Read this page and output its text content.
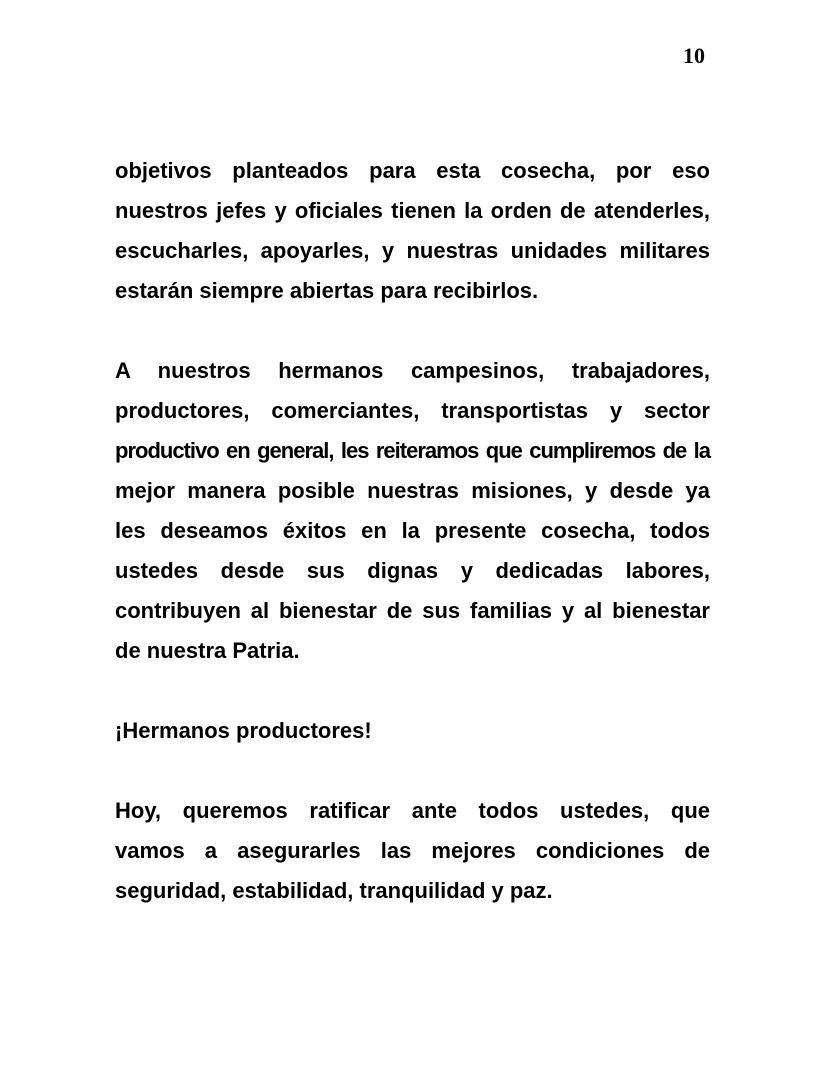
10
objetivos planteados para esta cosecha, por eso
nuestros jefes y oficiales tienen la orden de atenderles,
escucharles, apoyarles, y nuestras unidades militares
estarán siempre abiertas para recibirlos.
A nuestros hermanos campesinos, trabajadores,
productores, comerciantes, transportistas y sector
productivo en general, les reiteramos que cumpliremos de la
mejor manera posible nuestras misiones, y desde ya
les deseamos éxitos en la presente cosecha, todos
ustedes desde sus dignas y dedicadas labores,
contribuyen al bienestar de sus familias y al bienestar
de nuestra Patria.
¡Hermanos productores!
Hoy, queremos ratificar ante todos ustedes, que
vamos a asegurarles las mejores condiciones de
seguridad, estabilidad, tranquilidad y paz.
